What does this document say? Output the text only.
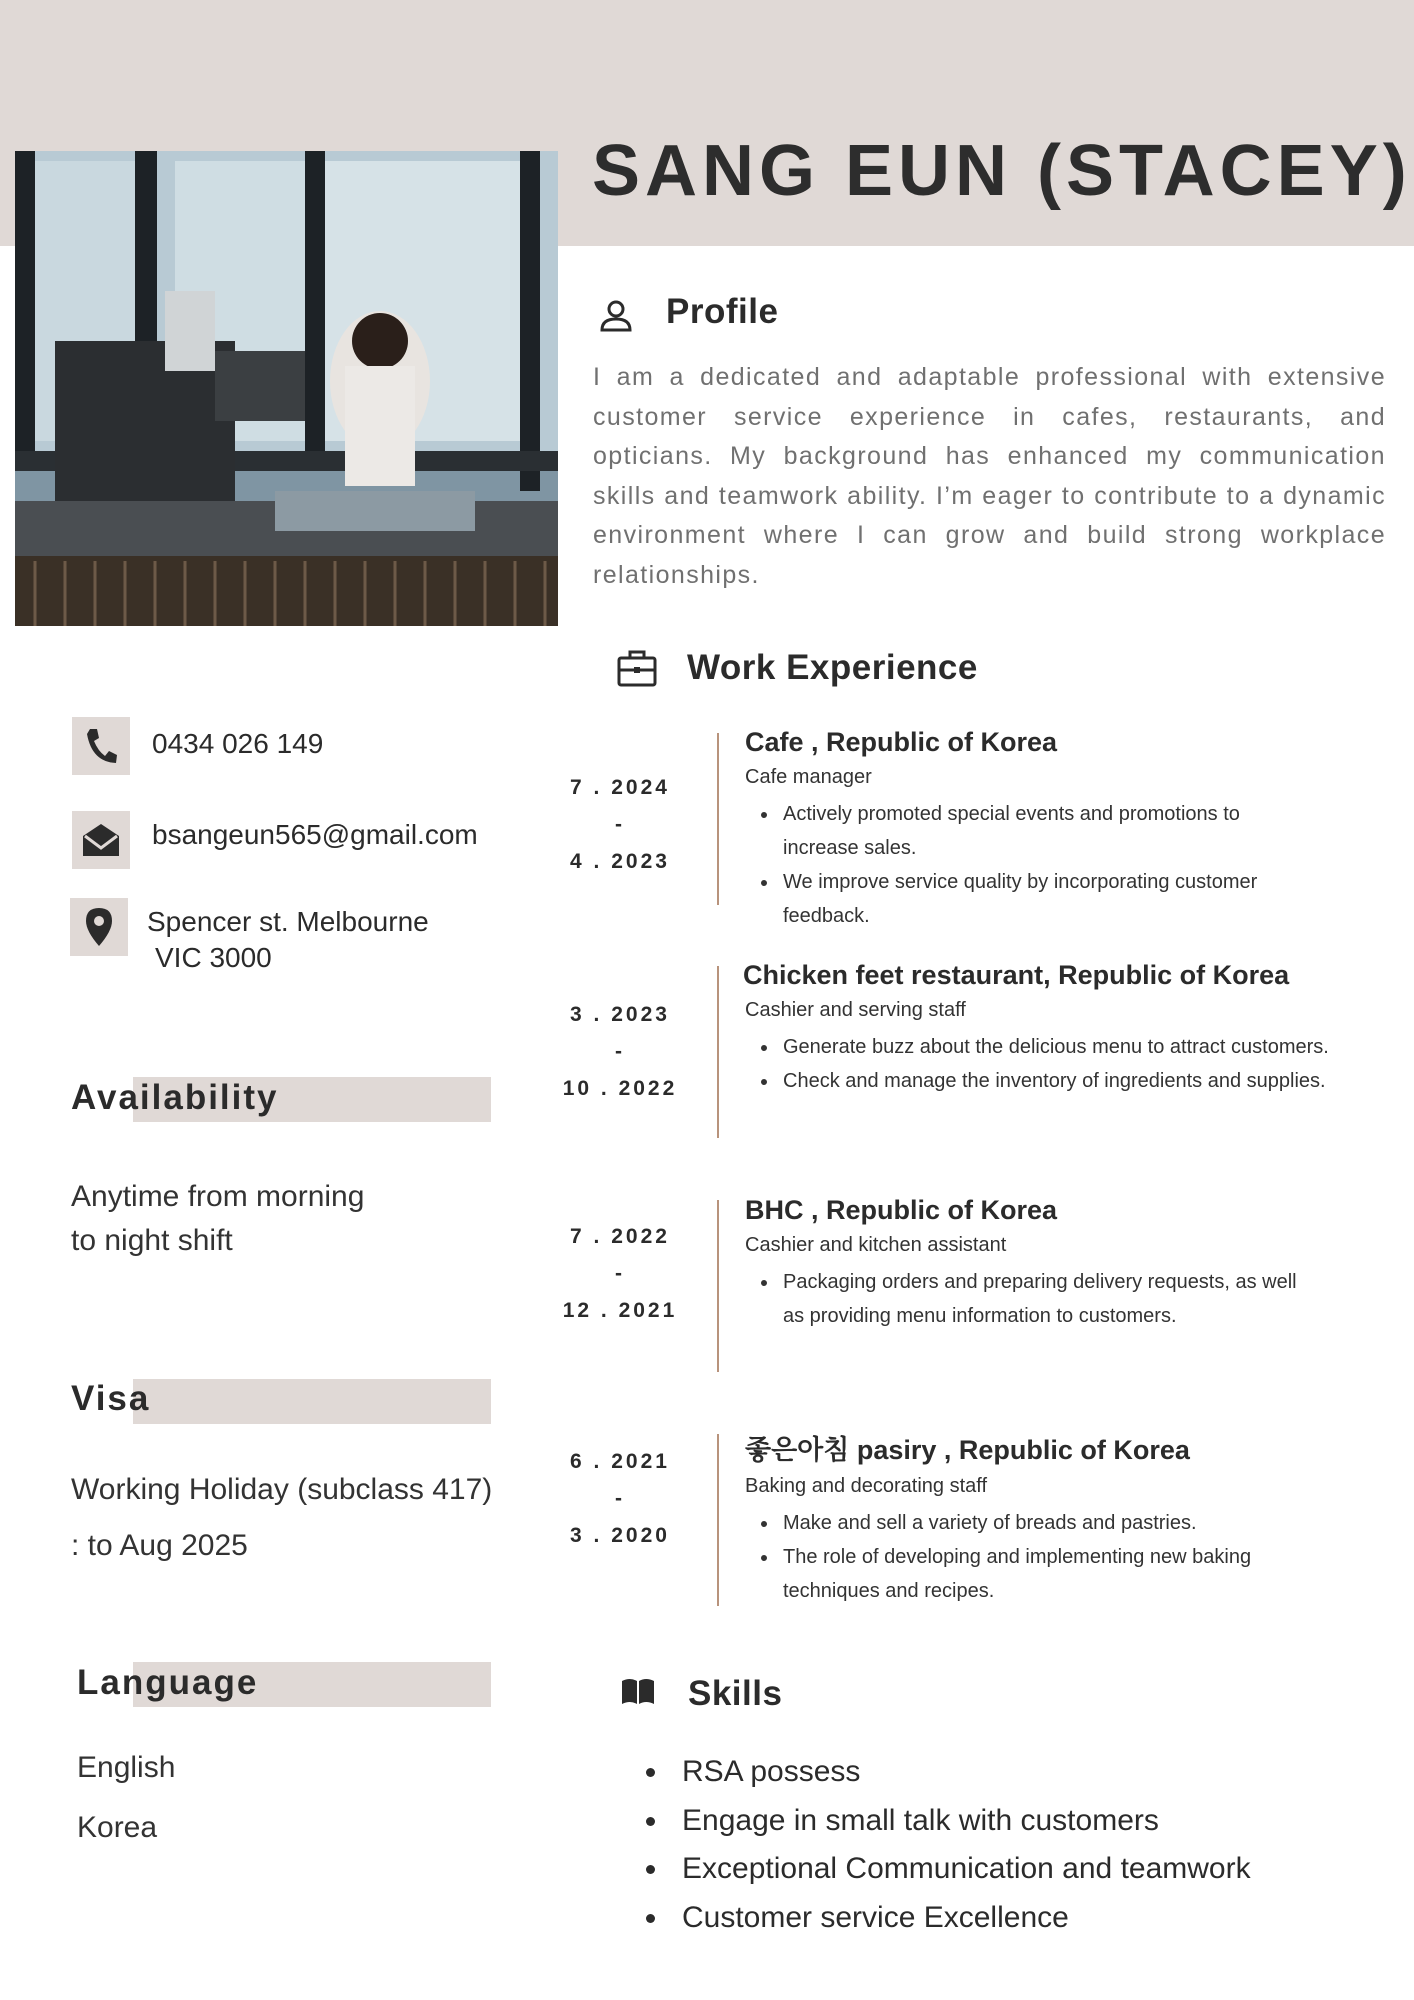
SANG EUN (STACEY)
Profile
I am a dedicated and adaptable professional with extensive customer service experience in cafes, restaurants, and opticians. My background has enhanced my communication skills and teamwork ability. I’m eager to contribute to a dynamic environment where I can grow and build strong workplace relationships.
Work Experience
0434 026 149
bsangeun565@gmail.com
Spencer st. Melbourne
VIC 3000
Availability
Anytime from morning
to night shift
Visa
Working Holiday (subclass 417)
: to Aug 2025
Language
English
Korea
7 . 2024
-
4 . 2023
Cafe , Republic of Korea
Cafe manager
• Actively promoted special events and promotions to increase sales.
• We improve service quality by incorporating customer feedback.
3 . 2023
-
10 . 2022
Chicken feet restaurant, Republic of Korea
Cashier and serving staff
• Generate buzz about the delicious menu to attract customers.
• Check and manage the inventory of ingredients and supplies.
7 . 2022
-
12 . 2021
BHC , Republic of Korea
Cashier and kitchen assistant
• Packaging orders and preparing delivery requests, as well as providing menu information to customers.
6 . 2021
-
3 . 2020
좋은아침 pasiry , Republic of Korea
Baking and decorating staff
• Make and sell a variety of breads and pastries.
• The role of developing and implementing new baking techniques and recipes.
Skills
• RSA possess
• Engage in small talk with customers
• Exceptional Communication and teamwork
• Customer service Excellence
